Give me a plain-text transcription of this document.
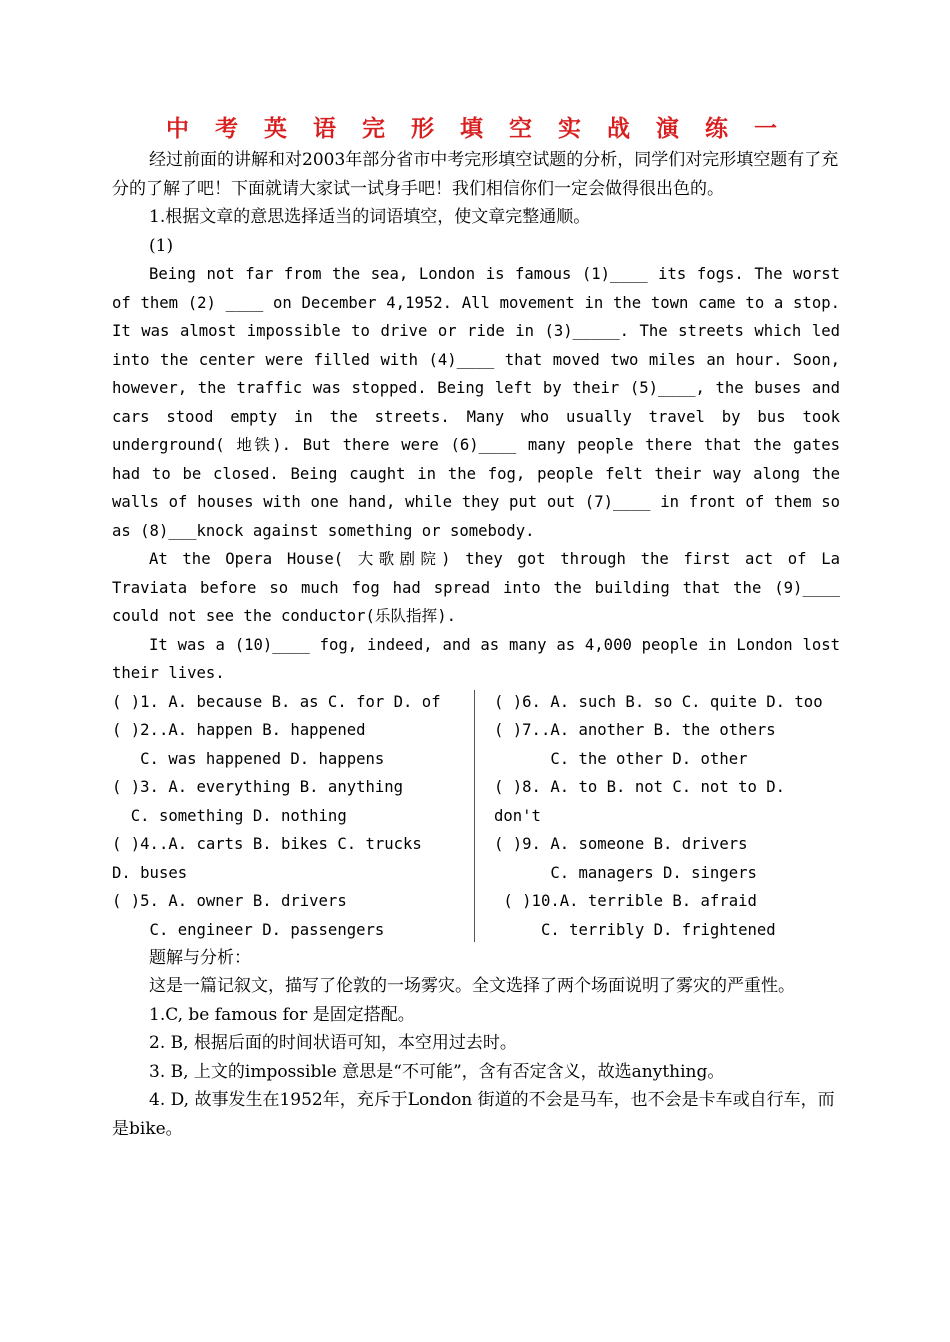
中 考 英 语 完 形 填 空 实 战 演 练 一

经过前面的讲解和对2003年部分省市中考完形填空试题的分析，同学们对完形填空题有了充分的了解了吧！下面就请大家试一试身手吧！我们相信你们一定会做得很出色的。

1.根据文章的意思选择适当的词语填空，使文章完整通顺。

(1)

Being not far from the sea, London is famous (1)____ its fogs. The worst of them (2) ____ on December 4,1952. All movement in the town came to a stop. It was almost impossible to drive or ride in (3)_____. The streets which led into the center were filled with (4)____ that moved two miles an hour. Soon, however, the traffic was stopped. Being left by their (5)____, the buses and cars stood empty in the streets. Many who usually travel by bus took underground( 地铁). But there were (6)____ many people there that the gates had to be closed. Being caught in the fog, people felt their way along the walls of houses with one hand, while they put out (7)____ in front of them so as (8)___knock against something or somebody.

At the Opera House( 大歌剧院) they got through the first act of La Traviata before so much fog had spread into the building that the (9)____ could not see the conductor(乐队指挥).

It was a (10)____ fog, indeed, and as many as 4,000 people in London lost their lives.

( )1. A. because B. as C. for D. of
( )2..A. happen B. happened
C. was happened D. happens
( )3. A. everything B. anything
C. something D. nothing
( )4..A. carts B. bikes C. trucks
D. buses
( )5. A. owner B. drivers
C. engineer D. passengers
( )6. A. such B. so C. quite D. too
( )7..A. another B. the others
C. the other D. other
( )8. A. to B. not C. not to D.
don't
( )9. A. someone B. drivers
C. managers D. singers
( )10.A. terrible B. afraid
C. terribly D. frightened

题解与分析：

这是一篇记叙文，描写了伦敦的一场雾灾。全文选择了两个场面说明了雾灾的严重性。

1.C, be famous for 是固定搭配。

2. B, 根据后面的时间状语可知，本空用过去时。

3. B, 上文的impossible 意思是“不可能”，含有否定含义，故选anything。

4. D, 故事发生在1952年，充斥于London 街道的不会是马车，也不会是卡车或自行车，而是bike。
